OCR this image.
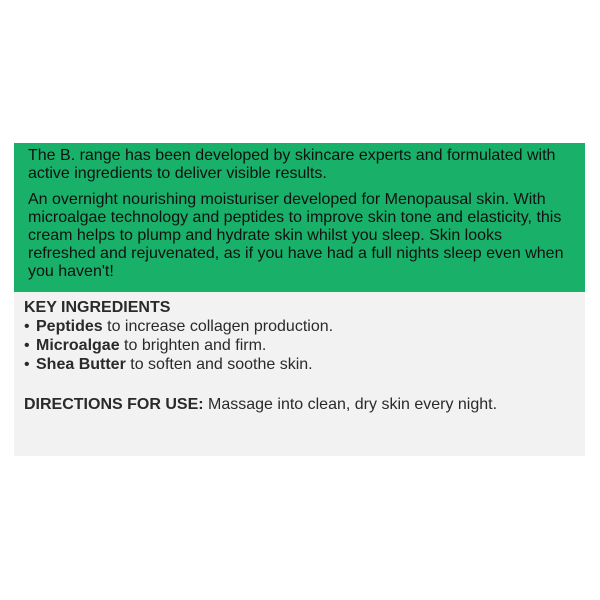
The B. range has been developed by skincare experts and formulated with active ingredients to deliver visible results.

An overnight nourishing moisturiser developed for Menopausal skin. With microalgae technology and peptides to improve skin tone and elasticity, this cream helps to plump and hydrate skin whilst you sleep. Skin looks refreshed and rejuvenated, as if you have had a full nights sleep even when you haven't!

KEY INGREDIENTS

• Peptides to increase collagen production.
• Microalgae to brighten and firm.
• Shea Butter to soften and soothe skin.

DIRECTIONS FOR USE: Massage into clean, dry skin every night.
